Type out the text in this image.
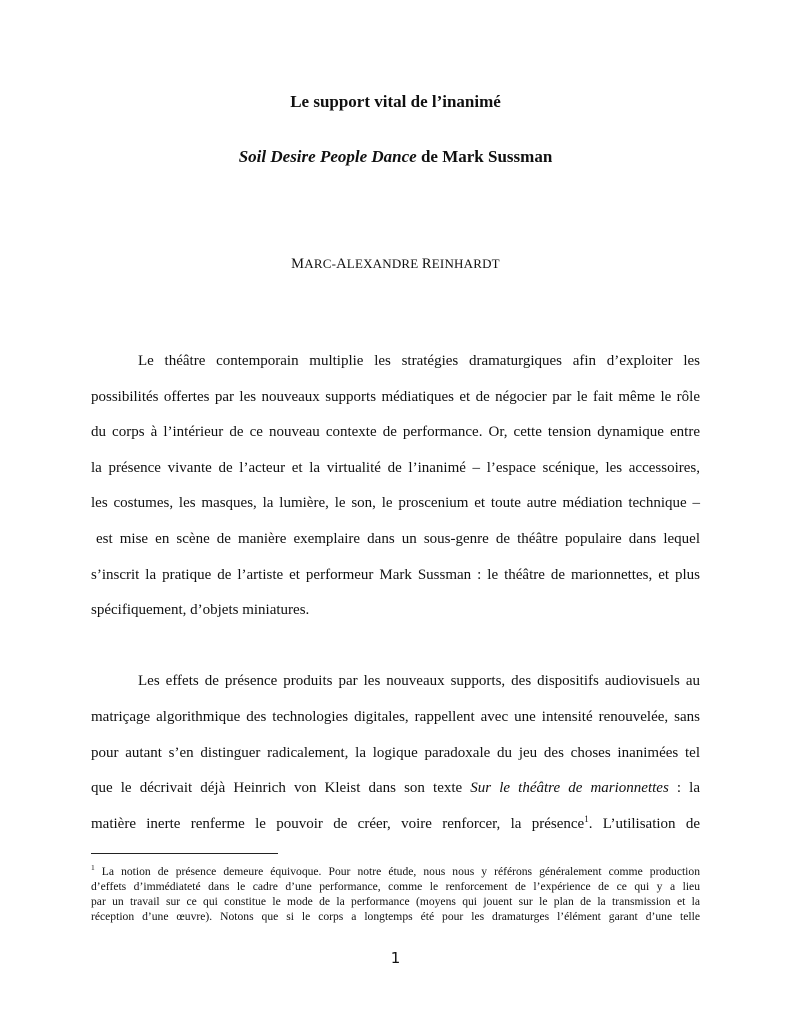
Le support vital de l’inanimé
Soil Desire People Dance de Mark Sussman
MARC-ALEXANDRE REINHARDT
Le théâtre contemporain multiplie les stratégies dramaturgiques afin d’exploiter les
possibilités offertes par les nouveaux supports médiatiques et de négocier par le fait même le rôle
du corps à l’intérieur de ce nouveau contexte de performance. Or, cette tension dynamique entre
la présence vivante de l’acteur et la virtualité de l’inanimé – l’espace scénique, les accessoires,
les costumes, les masques, la lumière, le son, le proscenium et toute autre médiation technique –
est mise en scène de manière exemplaire dans un sous-genre de théâtre populaire dans lequel
s’inscrit la pratique de l’artiste et performeur Mark Sussman : le théâtre de marionnettes, et plus
spécifiquement, d’objets miniatures.
Les effets de présence produits par les nouveaux supports, des dispositifs audiovisuels au
matriçage algorithmique des technologies digitales, rappellent avec une intensité renouvelée, sans
pour autant s’en distinguer radicalement, la logique paradoxale du jeu des choses inanimées tel
que le décrivait déjà Heinrich von Kleist dans son texte Sur le théâtre de marionnettes : la
matière inerte renferme le pouvoir de créer, voire renforcer, la présence$^1$. L’utilisation de
$^1$ La notion de présence demeure équivoque. Pour notre étude, nous nous y référons généralement comme production
d’effets d’immédiateté dans le cadre d’une performance, comme le renforcement de l’expérience de ce qui y a lieu
par un travail sur ce qui constitue le mode de la performance (moyens qui jouent sur le plan de la transmission et la
réception d’une œuvre). Notons que si le corps a longtemps été pour les dramaturges l’élément garant d’une telle
1
